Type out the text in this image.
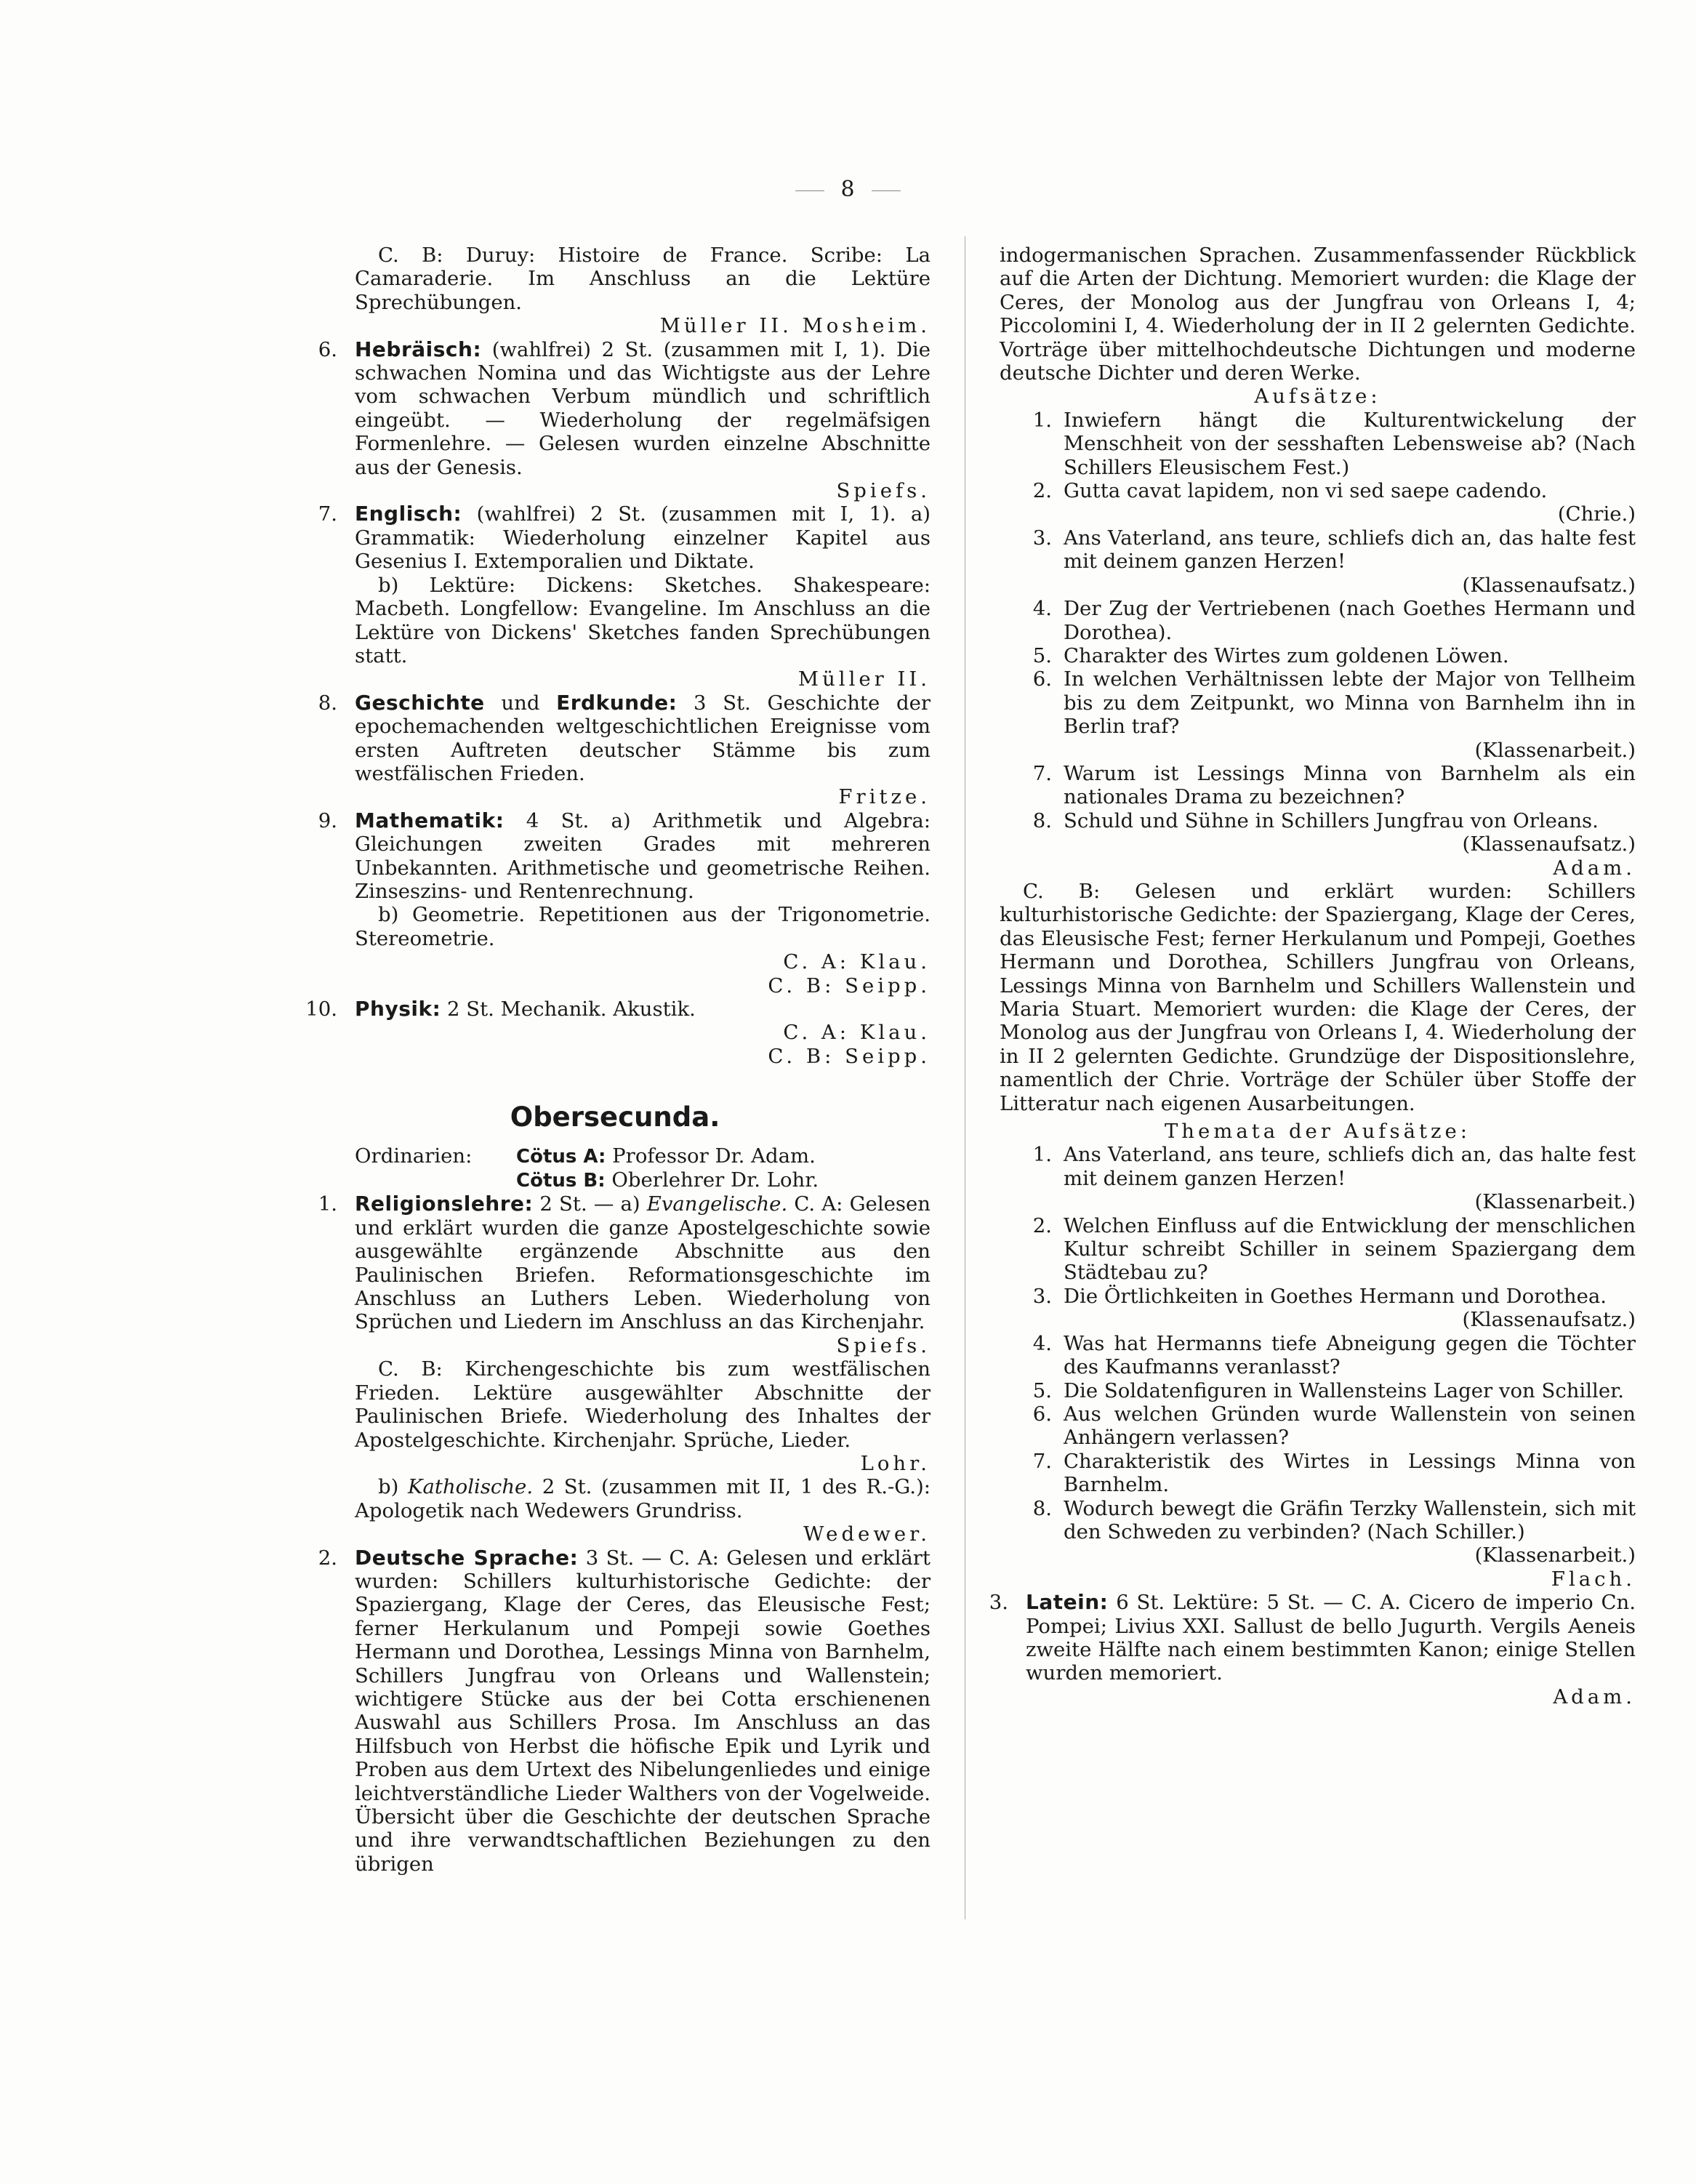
8

C. B: Duruy: Histoire de France. Scribe: La Camaraderie. Im Anschluss an die Lektüre Sprechübungen.

Müller II. Mosheim.

6. Hebräisch: (wahlfrei) 2 St. (zusammen mit I, 1). Die schwachen Nomina und das Wichtigste aus der Lehre vom schwachen Verbum mündlich und schriftlich eingeübt. — Wiederholung der regelmäfsigen Formenlehre. — Gelesen wurden einzelne Abschnitte aus der Genesis.
Spiefs.
7. Englisch: (wahlfrei) 2 St. (zusammen mit I, 1). a) Grammatik: Wiederholung einzelner Kapitel aus Gesenius I. Extemporalien und Diktate.

b) Lektüre: Dickens: Sketches. Shakespeare: Macbeth. Longfellow: Evangeline. Im Anschluss an die Lektüre von Dickens' Sketches fanden Sprechübungen statt.

Müller II.
8. Geschichte und Erdkunde: 3 St. Geschichte der epochemachenden weltgeschichtlichen Ereignisse vom ersten Auftreten deutscher Stämme bis zum westfälischen Frieden.
Fritze.
9. Mathematik: 4 St. a) Arithmetik und Algebra: Gleichungen zweiten Grades mit mehreren Unbekannten. Arithmetische und geometrische Reihen. Zinseszins- und Rentenrechnung.

b) Geometrie. Repetitionen aus der Trigonometrie. Stereometrie.

C. A: Klau.
C. B: Seipp.
10. Physik: 2 St. Mechanik. Akustik.
C. A: Klau.
C. B: Seipp.
Obersecunda.
Ordinarien:	Cötus A: Professor Dr. Adam.
Cötus B: Oberlehrer Dr. Lohr.
1. Religionslehre: 2 St. — a) Evangelische. C. A: Gelesen und erklärt wurden die ganze Apostelgeschichte sowie ausgewählte ergänzende Abschnitte aus den Paulinischen Briefen. Reformationsgeschichte im Anschluss an Luthers Leben. Wiederholung von Sprüchen und Liedern im Anschluss an das Kirchenjahr.
Spiefs.

C. B: Kirchengeschichte bis zum westfälischen Frieden. Lektüre ausgewählter Abschnitte der Paulinischen Briefe. Wiederholung des Inhaltes der Apostelgeschichte. Kirchenjahr. Sprüche, Lieder.

Lohr.

b) Katholische. 2 St. (zusammen mit II, 1 des R.-G.): Apologetik nach Wedewers Grundriss.

Wedewer.
2. Deutsche Sprache: 3 St. — C. A: Gelesen und erklärt wurden: Schillers kulturhistorische Gedichte: der Spaziergang, Klage der Ceres, das Eleusische Fest; ferner Herkulanum und Pompeji sowie Goethes Hermann und Dorothea, Lessings Minna von Barnhelm, Schillers Jungfrau von Orleans und Wallenstein; wichtigere Stücke aus der bei Cotta erschienenen Auswahl aus Schillers Prosa. Im Anschluss an das Hilfsbuch von Herbst die höfische Epik und Lyrik und Proben aus dem Urtext des Nibelungenliedes und einige leichtverständliche Lieder Walthers von der Vogelweide. Übersicht über die Geschichte der deutschen Sprache und ihre verwandtschaftlichen Beziehungen zu den übrigen

indogermanischen Sprachen. Zusammenfassender Rückblick auf die Arten der Dichtung. Memoriert wurden: die Klage der Ceres, der Monolog aus der Jungfrau von Orleans I, 4; Piccolomini I, 4. Wiederholung der in II 2 gelernten Gedichte. Vorträge über mittelhochdeutsche Dichtungen und moderne deutsche Dichter und deren Werke.

Aufsätze:
1. Inwiefern hängt die Kulturentwickelung der Menschheit von der sesshaften Lebensweise ab? (Nach Schillers Eleusischem Fest.)
2. Gutta cavat lapidem, non vi sed saepe cadendo.
(Chrie.)
3. Ans Vaterland, ans teure, schliefs dich an, das halte fest mit deinem ganzen Herzen!
(Klassenaufsatz.)
4. Der Zug der Vertriebenen (nach Goethes Hermann und Dorothea).
5. Charakter des Wirtes zum goldenen Löwen.
6. In welchen Verhältnissen lebte der Major von Tellheim bis zu dem Zeitpunkt, wo Minna von Barnhelm ihn in Berlin traf?
(Klassenarbeit.)
7. Warum ist Lessings Minna von Barnhelm als ein nationales Drama zu bezeichnen?
8. Schuld und Sühne in Schillers Jungfrau von Orleans.
(Klassenaufsatz.)
Adam.

C. B: Gelesen und erklärt wurden: Schillers kulturhistorische Gedichte: der Spaziergang, Klage der Ceres, das Eleusische Fest; ferner Herkulanum und Pompeji, Goethes Hermann und Dorothea, Schillers Jungfrau von Orleans, Lessings Minna von Barnhelm und Schillers Wallenstein und Maria Stuart. Memoriert wurden: die Klage der Ceres, der Monolog aus der Jungfrau von Orleans I, 4. Wiederholung der in II 2 gelernten Gedichte. Grundzüge der Dispositionslehre, namentlich der Chrie. Vorträge der Schüler über Stoffe der Litteratur nach eigenen Ausarbeitungen.

Themata der Aufsätze:
1. Ans Vaterland, ans teure, schliefs dich an, das halte fest mit deinem ganzen Herzen!
(Klassenarbeit.)
2. Welchen Einfluss auf die Entwicklung der menschlichen Kultur schreibt Schiller in seinem Spaziergang dem Städtebau zu?
3. Die Örtlichkeiten in Goethes Hermann und Dorothea.
(Klassenaufsatz.)
4. Was hat Hermanns tiefe Abneigung gegen die Töchter des Kaufmanns veranlasst?
5. Die Soldatenfiguren in Wallensteins Lager von Schiller.
6. Aus welchen Gründen wurde Wallenstein von seinen Anhängern verlassen?
7. Charakteristik des Wirtes in Lessings Minna von Barnhelm.
8. Wodurch bewegt die Gräfin Terzky Wallenstein, sich mit den Schweden zu verbinden? (Nach Schiller.)
(Klassenarbeit.)
Flach.
3. Latein: 6 St. Lektüre: 5 St. — C. A. Cicero de imperio Cn. Pompei; Livius XXI. Sallust de bello Jugurth. Vergils Aeneis zweite Hälfte nach einem bestimmten Kanon; einige Stellen wurden memoriert.
Adam.
